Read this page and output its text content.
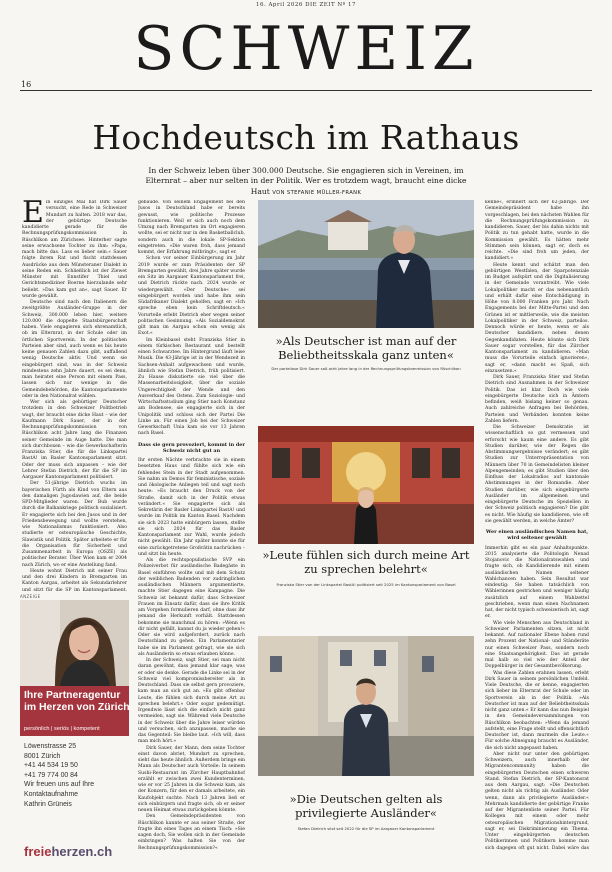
16. April 2026 DIE ZEIT Nº 17
16
SCHWEIZ
Hochdeutsch im Rathaus
In der Schweiz leben über 300.000 Deutsche. Sie engagieren sich in Vereinen, im Elternrat – aber nur selten in der Politik. Wer es trotzdem wagt, braucht eine dicke Haut VON STEFANIE MÜLLER-FRANK

Ein einziges Mal hat Dirk Sauer versucht, eine Rede in Schweizer Mundart zu halten. 2018 war das, der gebürtige Deutsche kandidierte gerade für die Rechnungsprüfungskommission in Rüschlikon am Zürichsee. Hinterher sagte seine erwachsene Tochter zu ihm: »Papa, mach bitte das. Lass es lieber sein.« Sauer folgte ihrem Rat und fischt stattdessen Ausdrücke aus dem Münsteraner Dialekt in seine Reden ein. Schließlich ist der Ziewet Münster mit Ennstifer Thiel und Gerichtsmediziner Boerne hierzulande sehr beliebt. »Das kam gut an«, sagt Sauer. Er wurde gewählt.

Deutsche sind nach den Italienern die zweitgrößte Ausländer-Gruppe in der Schweiz, 300.000 leben hier, weitere 120.000 die doppelte Staatsbürgerschaft haben. Viele engagieren sich ehrenamtlich, ob im Elternrat, in der Schule oder im örtlichen Sportverein. In der politischen Parteien aber sind, auch wenn es bis heute keine genauen Zahlen dazu gibt, auffallend wenig Deutsche aktiv. Und wenn sie eingebürgert sind, was in der Schweiz mindestens zehn Jahre dauert, es sei denn, man heiratet eine Person mit einem Pass, lassen sich nur wenige in die Gemeindebehörden, die Kantonsparlamente oder in den Nationalrat wählen.

Wer sich als gebürtiger Deutscher trotzdem in den Schweizer Politbetrieb wagt, der braucht eine dicke Haut – wie der Kaufmann Dirk Sauer, der in der Rechnungsprüfungskommission von Rüschlikon acht Jahre lang die Finanzen seiner Gemeinde im Auge hatte. Die man sich durchboxen – wie die Gewerkschafterin Franziska Stier, die für die Linkspartei BastA! im Basler Kantonsparlament sitzt. Oder der muss sich anpassen – wie der Lehrer Stefan Dietrich, der für die SP im Aargauer Kantonsparlament politisiert.

Der 51-jährige Dietrich wuchs im bayerischen Fürth als Kind von Eltern aus den damaligen Jugoslawien auf, die beide SPD-Mitglieder waren. Der Bub wurde durch die Balkankriege politisch sozialisiert. Er engagierte sich bei den Jusos und in der Friedensbewegung und wollte verstehen, wie Nationalismus funktioniert. Also studierte er osteuropäische Geschichte, Slawistik und Politik. Später arbeitete er für die Organisation für Sicherheit und Zusammenarbeit in Europa (OSZE) als politischer Berater. Über Wien kam er 2004 nach Zürich, wo er eine Anstellung fand.

Heute wohnt Dietrich mit seiner Frau und den drei Kindern in Bremgarten im Kanton Aargau, arbeitet als Sekundarlehrer und sitzt für die SP im Kantonsparlament.

ANZEIGE
Ihre Partneragentur im Herzen von Zürich
persönlich | seriös | kompetent
Löwenstrasse 25
8001 Zürich
+41 44 534 19 50
+41 79 774 00 84
Wir freuen uns auf Ihre
Kontaktaufnahme
Kathrin Grüneis
freieherzen.ch

gebäude. Von seinem Engagement bei den Jusos in Deutschland habe er bereits gewusst, wie politische Prozesse funktionieren. Weil er sich auch noch dem Umzug nach Bremgarten im Ort engagieren wollte, sei er nicht nur in den Basketballclub, sondern auch in die lokale SP-Sektion eingetreten. »Die waren froh, dass jemand kommt, der Erfahrung mitbringt«, sagt er.

Schon vor seiner Einbürgerung im Jahr 2019 wurde er zum Präsidenten der SP Bremgarten gewählt, drei Jahre später wurde ein Sitz im Aargauer Kantonsparlament frei, und Dietrich rückte nach. 2024 wurde er wiedergewählt. »Der Deutsche« sei eingebürgert worden und habe ihm sein Südafrikaner Dialekt geholfen, sagt er: »Ich spreche eben kein Schriftdeutsch.« Vorurteile erlebt Dietrich eher wegen seiner politischen Gesinnung. »Als Sozialdemokrat gilt man im Aargau schon ein wenig als Exot.«

Im Kleinbasel steht Franziska Stier in einem türkischen Restaurant und bestellt einen Schwarztee. Im Hintergrund läuft leise Musik. Die 43-Jährige ist in der Wendezeit in Sachsen-Anhalt aufgewachsen und wurde, ähnlich wie Stefan Dietrich, früh politisiert. Zu Hause diskutierte sie viel über die Massenarbeitslosigkeit, über die soziale Ungerechtigkeit der Wende und den Ausverkauf des Ostens. Zum Soziologie- und Wirtschaftsstudium ging Stier nach Konstanz am Bodensee, sie engagierte sich in der Unipolitik und schloss sich der Partei Die Linke an. Für einen Job bei der Schweizer Gewerkschaft Unia kam sie vor 13 Jahren nach Basel.

Dass sie gern provoziert, kommt in der Schweiz nicht gut an

Ihr ersten Nächte verbrachte sie in einem besetzten Haus und fühlte sich wie ein fehlendes Stein in der Stadt aufgenommen. Sie nahm an Demos für feministische, soziale und ökologische Anliegen teil und sagt noch heute: »Es braucht den Druck von der Straße, damit sich in der Politik etwas verändert.« Sie engagierte sich als Sekretärin der Basler Linkspartei BastA! und wurde im Politik im Kanton Basel. Nachdem sie sich 2023 hatte einbürgern lassen, stellte sie sich 2024 für das Basler Kantonsparlament zur Wahl, wurde jedoch nicht gewählt. Ein Jahr später konnte sie für eine zurückgetretene Großrätin nachrücken – und sitzt bis heute.

Als die rechtspopulistische SVP ein Polizeiverbot für ausländische Badegäste in Basel einführen wollte und mit dem Schutz der weiblichen Badenden vor zudringlichen ausländischen Männern argumentierte, machte Stier dagegen eine Kampagne. Die Schweiz ist bekannt dafür, dass Schweizer Frauen im Einsatz dafür, dass sie ihre Kritik am Vorgehen formulieren darf, ohne dass ihr jemand die Herkunft vorhält. Stattdessen bekomme sie manchmal zu hören: »Wenn es dir nicht gefällt, kannst du ja wieder gehen!« Oder sie wird aufgefordert, zurück nach Deutschland zu gehen. Ein Parlamentarier habe sie im Parlament gefragt, wie sie sich als Ausländerin so etwas erlauben könne.

In der Schweiz, sagt Stier, sei man nicht daran gewöhnt, dass jemand klar sage, was er oder sie denke. Gerade die Linke sei in der Schweiz viel kompromissbereiter als in Deutschland. Dass sie selbst gern provoziere, kam man an sich gut an. »Es gibt offenbar Leute, die fühlen sich durch meine Art zu sprechen belehrt.« Oder sogar gedemütigt. Irgendwie lässt sich die einfach nicht ganz vermeiden, sagt sie. Während viele Deutsche in der Schweiz über die Jahre leiser würden und versuchen, sich anzupassen, mache sie das Gegenteil: Sie bleibe laut. »Ich will, dass man mich hört.«

Dirk Sauer, der Mann, dem seine Tochter einst davon abriet, Mundart zu sprechen, sieht das heute ähnlich. Außerdem bringe ein Mann als Deutscher auch Vorteile: In seinem Sushi-Restaurant im Zürcher Hauptbahnhof erzählt er zwischen zwei Kundenterminen, wie er vor 25 Jahren in die Schweiz kam, als der Konzern, für den er damals arbeitete, ein Kaufobjekt suchte. Nach 13 Jahren ließ er sich einbürgern und fragte sich, ob er seiner neuen Heimat etwas zurückgeben könnte.

Den Gemeindepräsidenten von Rüschlikon kannte er aus seiner Straße, der fragte ihn eines Tages an einem Tisch: »Sie sagen doch, Sie wollen sich in der Gemeinde einbringen? Was halten Sie von der Rechnungsprüfungskommission?«

»Als Deutscher ist man auf der Beliebtheitsskala ganz unten«
Der parteilose Dirk Sauer saß acht Jahre lang in der Rechnungsprüfungskommission von Rüschlikon
»Leute fühlen sich durch meine Art zu sprechen belehrt«
Franziska Stier von der Linkspartei BastA! politisiert seit 2025 im Kantonsparlament von Basel
»Die Deutschen gelten als privilegierte Ausländer«
Stefan Dietrich sitzt seit 2022 für die SP im Aargauer Kantonsparlament

kenne«, erinnert sich der 62-Jährige. Der Gemeindepräsident habe ihn vorgeschlagen, bei den nächsten Wahlen für die Rechnungsprüfungskommission zu kandidieren. Sauer, der bis dahin nichts mit Politik zu tun gehabt hatte, wurde in die Kommission gewählt. Es hätten mehr Stimmen sein können, sagt er, doch es reichte. »Die sind froh um jeden, der kandidiert.«

Heute kennt und schätzt man den gebürtigen Westfalen, der Sparpotenziale im Budget aufspürt und die Digitalisierung in der Gemeinde vorantreibt. Wie viele Lokalpolitiker macht er das nebenamtlich und erhält dafür eine Entschädigung in Höhe von 8.000 Franken pro Jahr. Nach Engagements bei der Mitte-Partei und den Grünen ist er mittlerweile, wie die meisten Lokalpolitiker in der Schweiz, parteilos. Dennoch würde er heute, wenn er als Deutscher kandidiere, neben denen Gegenkandidaten. Heute könnte sich Dirk Sauer sogar vorstellen, für das Zürcher Kantonsparlament zu kandidieren. »Man muss die Vorurteile einfach ignorieren«, sagt er, »dann macht es Spaß, sich einzusetzen.«

Dirk Sauer, Franziska Stier und Stefan Dietrich sind Ausnahmen in der Schweizer Politik. Das ist klar. Doch wie viele eingebürgerte Deutsche sich in Ämtern befinden, weiß bislang keiner so genau. Auch zahlreiche Anfragen bei Behörden, Parteien und Verbänden konnten keine Zahlen liefern.

Die Schweizer Demokratie ist wissenschaftlich so gut vermessen und erforscht wie kaum eine andere. Es gibt Studien darüber, wie der Regen die Abstimmungsergebnisse verändert; es gibt Studien zur Unterrepräsentation von Männern über 70 in Gemeindelisten kleiner Alpengemeinden; es gibt Studien über den Einfluss der Lokalradios auf kantonale Abstimmungen in der Romandie. Aber Studien darüber, wie sich eingebürgerte Ausländer im allgemeinen und eingebürgerte Deutsche im Speziellen in der Schweiz politisch engagieren? Die gibt es nicht. Wie häufig sie kandidieren, wie oft sie gewählt werden, in welche Ämter?

Wer einen ausländischen Namen hat, wird seltener gewählt

Immerhin gibt es ein paar Anhaltspunkte. 2015 analysierte die Politologin Nenad Stojanovic die Nationalratswahlen und fragte sich, ob Kandidierende mit einem ausländischen Namen seltener Wahlchancen haben. Sein Resultat war eindeutig: Sie haben tatsächlich von Wählerinnen gestrichen und weniger häufig zusätzlich auf einem Wahlzettel geschrieben, wenn man einen Nachnamen hat, der nicht typisch schweizerisch ist, sagt er.

Wie viele Menschen aus Deutschland in Schweizer Parlamenten sitzen, ist nicht bekannt. Auf nationaler Ebene haben rund zehn Prozent der National- und Ständeräte nur einen Schweizer Pass, sondern noch eine Staatsangehörigkeit. Das ist gerade mal halb so viel wie der Anteil der Doppelbürger in der Gesamtbevölkerung.

Was diese Zahlen erahnen lassen, erlebt Dirk Sauer in seinem persönlichen Umfeld. Viele Deutsche, die er kenne, engagierten sich lieber im Elternrat der Schule oder im Sportverein als in der Politik. »Als Deutscher ist man auf der Beliebtheitsskala nicht ganz unten.« Er kann das nun Beispiel in den Gemeindeversammlungen von Rüschlikon beobachten: »Wenn da jemand aufsteht, eine Frage stellt und offensichtlich Deutscher ist, dann murmeln die Leute.« Für solche Abneigung braucht es Ausländer, die sich nicht angepasst haben.

Aber nicht nur unter den gebürtigen Schweizern, auch innerhalb der Migrantencommunity haben die eingebürgerten Deutschen einen schweren Stand. Stefan Dietrich, der SP-Kantonsrat aus dem Aargau, sagt: »Die Deutschen gelten nicht als richtig als Ausländer. Oder wenn, dann als privilegierte Ausländer.« Mehrmals kandidierte der gebürtige Franke auf der Migrantenliste seiner Partei. Für Kollegen mit einem oder mehr osteuropäischen Migrationshintergrund, sagt er, sei Diskriminierung ein Thema. Unter eingebürgerten deutschen Politikerinnen und Politikern komme man sich dagegen oft gut nicht. Dabei wäre das
